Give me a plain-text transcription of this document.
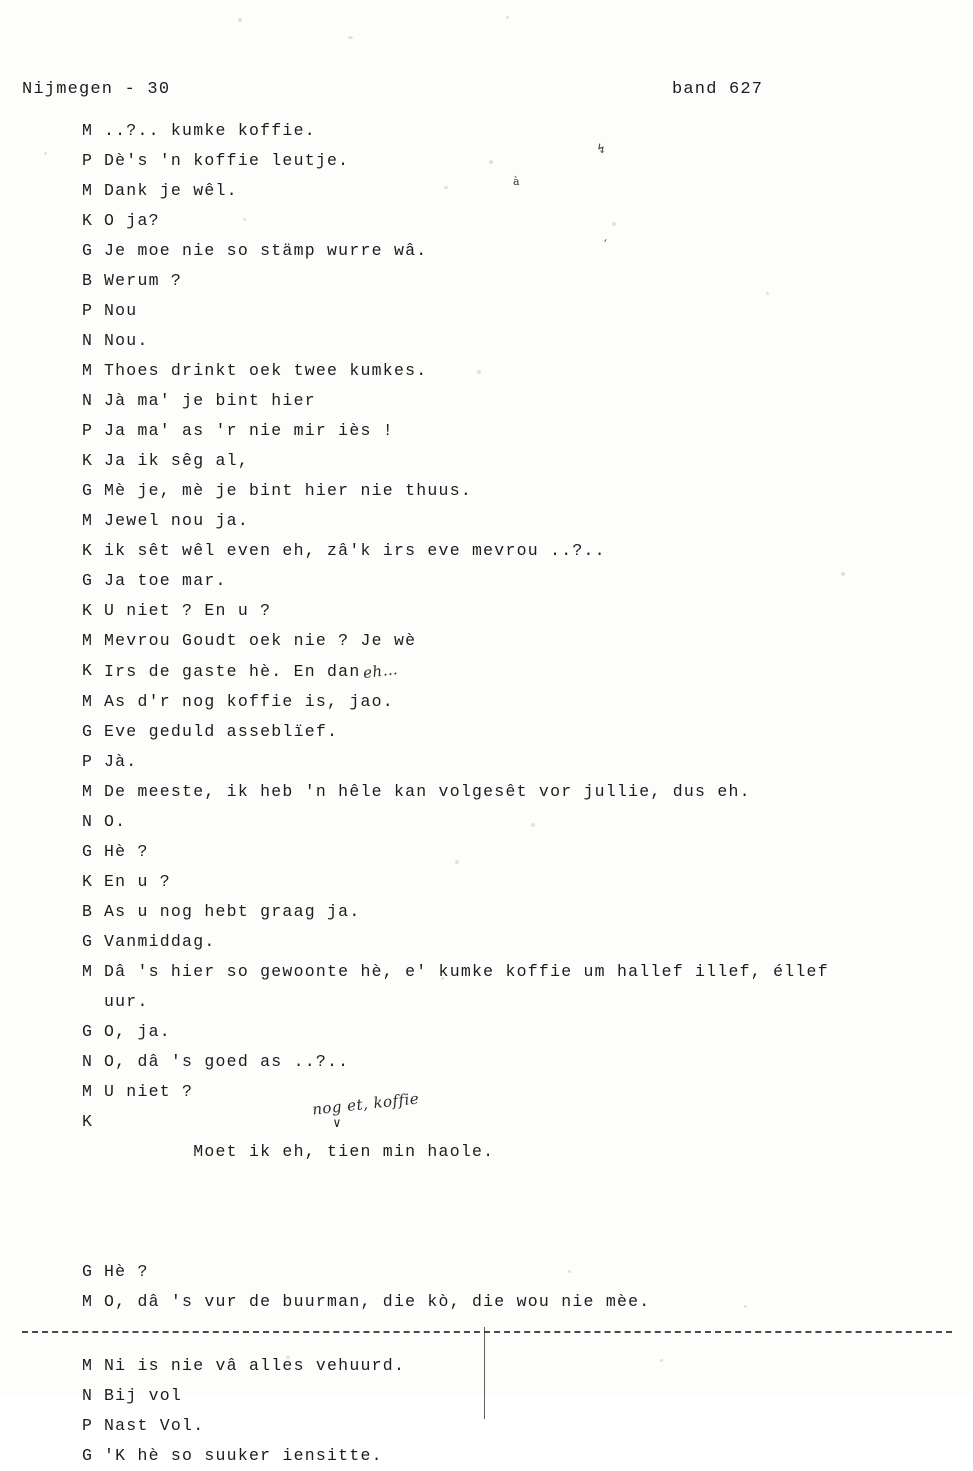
↯
à
′
Nijmegen - 30	band 627
M ..?.. kumke koffie.
P Dè's 'n koffie leutje.
M Dank je wêl.
K O ja?
G Je moe nie so stämp wurre wâ.
B Werum ?
P Nou
N Nou.
M Thoes drinkt oek twee kumkes.
N Jà ma' je bint hier
P Ja ma' as 'r nie mir iès !
K Ja ik sêg al,
G Mè je, mè je bint hier nie thuus.
M Jewel nou ja.
K ik sêt wêl even eh, zâ'k irs eve mevrou ..?..
G Ja toe mar.
K U niet ? En u ?
M Mevrou Goudt oek nie ? Je wè
K Irs de gaste hè. En daneh…
M As d'r nog koffie is, jao.
G Eve geduld asseblïef.
P Jà.
M De meeste, ik heb 'n hêle kan volgesêt vor jullie, dus eh.
N O.
G Hè ?
K En u ?
B As u nog hebt graag ja.
G Vanmiddag.
M Dâ 's hier so gewoonte hè, e' kumke koffie um hallef illef, éllef
uur.
G O, ja.
N O, dâ 's goed as ..?..
M U niet ?
K

Moet ik eh, tien min haole.

nog et, koffie

∨

G Hè ?
M O, dâ 's vur de buurman, die kò, die wou nie mèe.
M Ni is nie vâ alles vehuurd.
N Bij vol
P Nast Vol.
G 'K hè so suuker iensitte.
